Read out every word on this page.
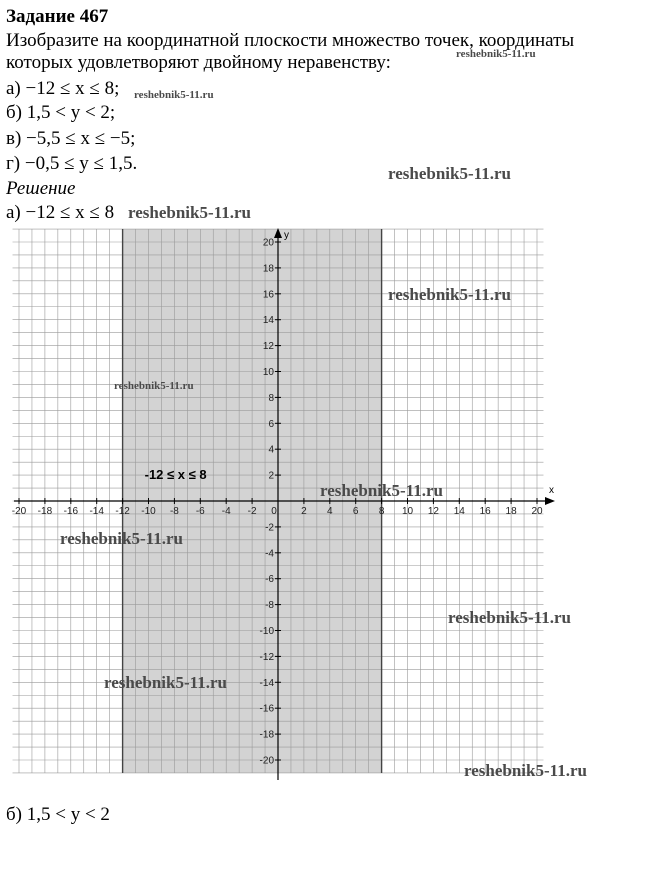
Задание 467
Изобразите на координатной плоскости множество точек, координаты
которых удовлетворяют двойному неравенству:
а) −12 ≤ x ≤ 8;
б) 1,5 < y < 2;
в) −5,5 ≤ x ≤ −5;
г) −0,5 ≤ y ≤ 1,5.
Решение
а) −12 ≤ x ≤ 8
x
y
-20 -18 -16 -14 -12 -10 -8 -6 -4 -2 0 2 4 6 8 10 12 14 16 18 20
-20
-18
-16
-14
-12
-10
-8
-6
-4
-2
2
4
6
8
10
12
14
16
18
20
-12 ≤ x ≤ 8
б) 1,5 < y < 2
reshebnik5-11.ru
reshebnik5-11.ru
reshebnik5-11.ru
reshebnik5-11.ru
reshebnik5-11.ru
reshebnik5-11.ru
reshebnik5-11.ru
reshebnik5-11.ru
reshebnik5-11.ru
reshebnik5-11.ru
reshebnik5-11.ru
